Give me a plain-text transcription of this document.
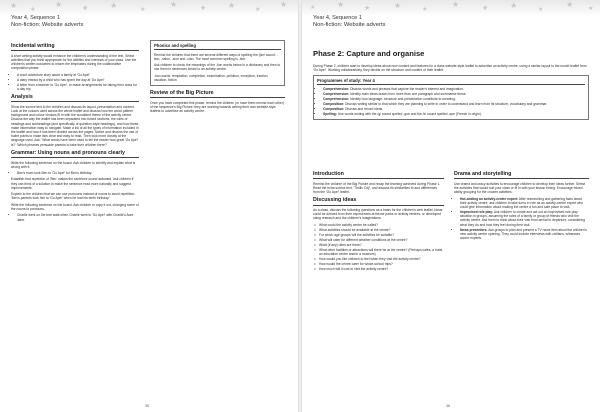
★ ★
★	★	★	★
★	★	★	★
★
Year 4, Sequence 1
Non-fiction: Website adverts
Incidental writing

A short writing activity would enhance the children's understanding of the text. Select activities that you think appropriate for the abilities and interests of your class. Use the children's written outcomes to inform the emphases during the collaborative composition phase.

• A short adventure story about a family at 'Go Ape!'
• A diary extract by a child who has spent the day at 'Go Ape!'
• A letter from a teacher to 'Go Ape!', to make arrangements for taking their class for a day trip
Analysis

Show the source text to the children and discuss its layout, presentation and content. Look at the colours used across the whole leaflet and discuss how the wood pattern background and colour choices fit in with the woodland theme of the activity centre. Discuss the way the leaflet has been separated into boxed sections, the roles of headings and subheadings (and specifically of question-style headings), and how these make information easy to navigate. Make a list of all the types of information included in the leaflet and how it has been divided across the pages. Notice and discuss the use of bullet points to make lists clear and easy to read. Then look more closely at the language used. Ask: 'What words have been used to tell the reader how great 'Go Ape!' is?' 'Which phrases persuade parents to take their children there?'

Grammar: Using nouns and pronouns clearly

Write the following sentence on the board. Ask children to identify and explain what is wrong with it.

• Ben's mum took Ben to 'Go Ape!' for Ben's birthday.

Establish that repetition of 'Ben' makes the sentence sound awkward. Ask children if they can think of a solution to make the sentence read more naturally and suggest improvements.

Explain to the children that we can use pronouns instead of nouns to avoid repetition: 'Ben's parents took him to 'Go Ape!' when he had his tenth birthday.'

Write the following sentence on the board. Ask children to copy it out, changing some of the nouns to pronouns.

• Charlie went on the tree walk when Charlie went to 'Go Ape!' with Charlie's Aunt Jane.
Phonics and spelling

Remind the children that there are several different ways of spelling the /ʃən/ sound: -tion, -ssion, -sion and -cian. The most common spelling is -tion.

Ask children to check the meanings of the -tion words below in a dictionary and then to use them in sentences linked to an activity centre.

-tion words: temptation, completion, examination, pollution, exception, fraction, vacation, fiction

Review of the Big Picture

Once you have completed this phase, remind the children (or have them remind each other) of the sequence's Big Picture: they are working towards writing their own website-style leaflets to advertise an activity centre.

35
★	★	★	★	★
★	★	★	★
★ ★
Year 4, Sequence 1
Non-fiction: Website adverts
Phase 2: Capture and organise

During Phase 2, children start to develop ideas about new content and features for a class website-style leaflet to advertise an activity centre, using a similar layout to the model leaflet from 'Go Ape!'. Working collaboratively, they decide on the structure and content of their leaflet.

Programmes of study: Year 4
• Comprehension: Discuss words and phrases that capture the reader's interest and imagination.
• Comprehension: Identify main ideas drawn from more than one paragraph and summarise these.
• Comprehension: Identify how language, structure and presentation contribute to meaning.
• Composition: Discuss writing similar to that which they are planning to write in order to understand and learn from its structure, vocabulary and grammar.
• Composition: Discuss and record ideas.
• Spelling: Use words ending with the /g/ sound spelled -gue and the /k/ sound spelled -que (French in origin).
Introduction

Remind the children of the Big Picture and recap the learning achieved during Phase 1. Read the extra source text, 'Thrills City', and discuss its similarities to and differences from the 'Go Ape!' leaflet.

Discussing ideas

As a class, discuss the following questions as a basis for the children's web leaflet. Ideas could be derived from their experiences at theme parks or activity centres, or developed using research and the children's imaginations.

□ What could the activity centre be called?
□ What activities should be available at the centre?
□ For which age groups will the activities be suitable?
□ What will cater for different weather conditions at the centre?
□ What (if any) rides are there?
□ What other facilities or attractions will there be at the centre? (Perhaps cafés, a hotel, an education centre and/or a museum)
□ How would you like children to feel when they visit the activity centre?
□ How would the centre cater for whole-school trips?
□ How much will it cost to visit the activity centre?
Drama and storytelling

Use drama and oracy activities to encourage children to develop their ideas further. Select the activities that would suit your class or fit in with your lesson timing. Encourage mixed-ability grouping for the chosen activities.

• Hot-seating an activity-centre expert: After researching and gathering facts about their activity centre, ask children to take turns in role as an activity-centre expert who could give information about making the centre a fun and safe place to visit.
• Improvised role play: Ask children to create and act out an improvised role play situation in groups, assuming the roles of a family or group of friends who visit the activity centre. Ask them to think about their visit from arrival to departure, considering what they do and how they feel during their visit.
• News presenters: Ask groups to plan and present a TV news item about the children's new activity centre opening. They could include interviews with civilians, witnesses and/or experts.
36
